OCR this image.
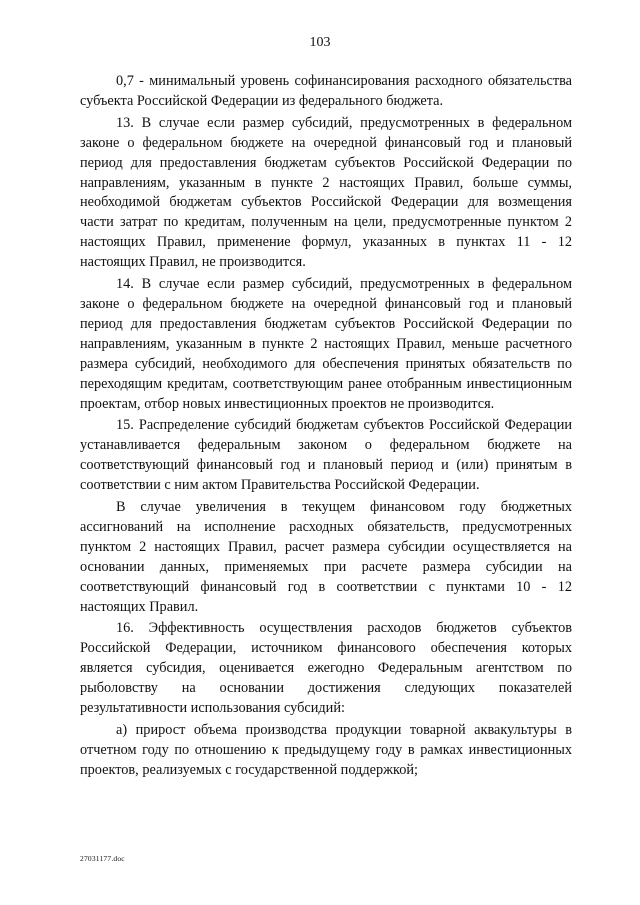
103

0,7 - минимальный уровень софинансирования расходного обязательства субъекта Российской Федерации из федерального бюджета.

13. В случае если размер субсидий, предусмотренных в федеральном законе о федеральном бюджете на очередной финансовый год и плановый период для предоставления бюджетам субъектов Российской Федерации по направлениям, указанным в пункте 2 настоящих Правил, больше суммы, необходимой бюджетам субъектов Российской Федерации для возмещения части затрат по кредитам, полученным на цели, предусмотренные пунктом 2 настоящих Правил, применение формул, указанных в пунктах 11 - 12 настоящих Правил, не производится.

14. В случае если размер субсидий, предусмотренных в федеральном законе о федеральном бюджете на очередной финансовый год и плановый период для предоставления бюджетам субъектов Российской Федерации по направлениям, указанным в пункте 2 настоящих Правил, меньше расчетного размера субсидий, необходимого для обеспечения принятых обязательств по переходящим кредитам, соответствующим ранее отобранным инвестиционным проектам, отбор новых инвестиционных проектов не производится.

15. Распределение субсидий бюджетам субъектов Российской Федерации устанавливается федеральным законом о федеральном бюджете на соответствующий финансовый год и плановый период и (или) принятым в соответствии с ним актом Правительства Российской Федерации.

В случае увеличения в текущем финансовом году бюджетных ассигнований на исполнение расходных обязательств, предусмотренных пунктом 2 настоящих Правил, расчет размера субсидии осуществляется на основании данных, применяемых при расчете размера субсидии на соответствующий финансовый год в соответствии с пунктами 10 - 12 настоящих Правил.

16. Эффективность осуществления расходов бюджетов субъектов Российской Федерации, источником финансового обеспечения которых является субсидия, оценивается ежегодно Федеральным агентством по рыболовству на основании достижения следующих показателей результативности использования субсидий:

а) прирост объема производства продукции товарной аквакультуры в отчетном году по отношению к предыдущему году в рамках инвестиционных проектов, реализуемых с государственной поддержкой;

27031177.doc
